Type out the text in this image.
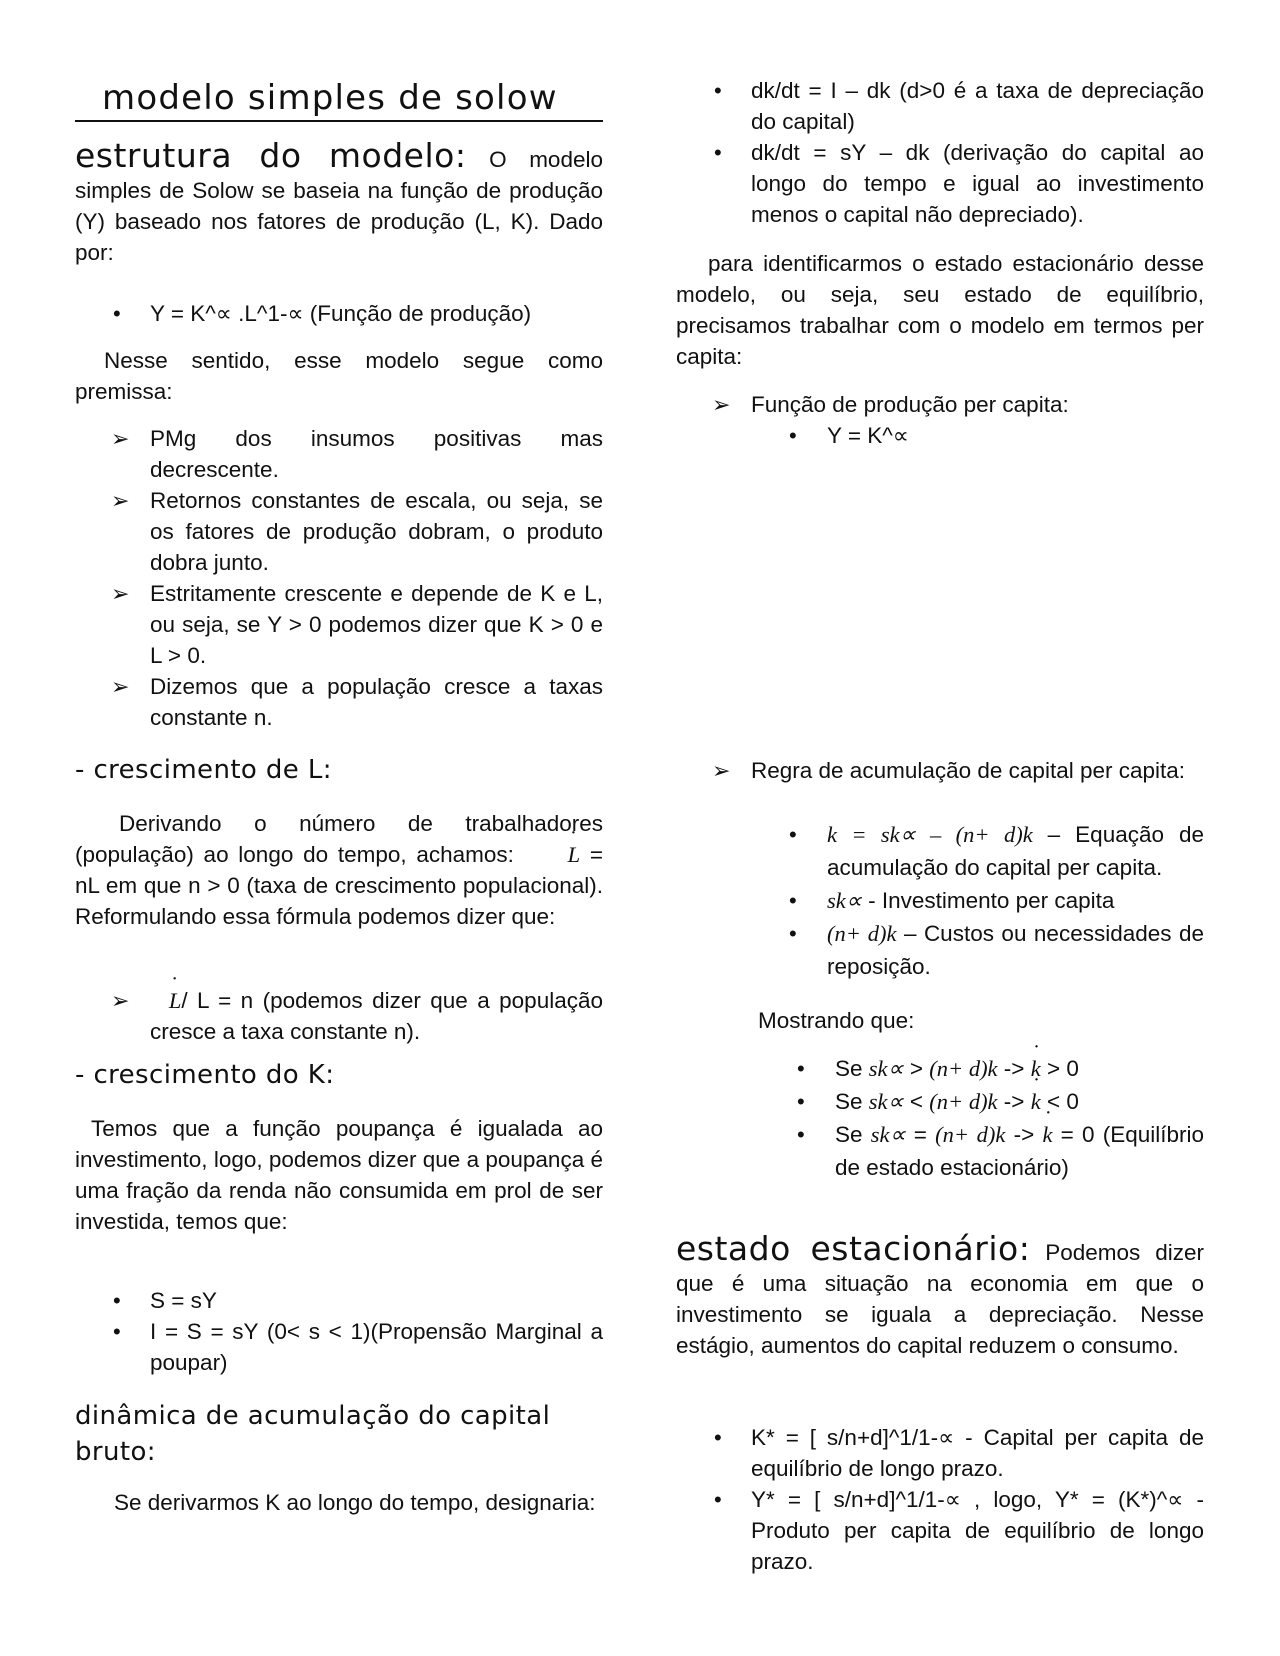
modelo simples de solow

estrutura do modelo: O modelo simples de Solow se baseia na função de produção (Y) baseado nos fatores de produção (L, K). Dado por:

• Y = K^∝ .L^1-∝ (Função de produção)

Nesse sentido, esse modelo segue como premissa:

➢ PMg dos insumos positivas mas decrescente.
➢ Retornos constantes de escala, ou seja, se os fatores de produção dobram, o produto dobra junto.
➢ Estritamente crescente e depende de K e L, ou seja, se Y > 0 podemos dizer que K > 0 e L > 0.
➢ Dizemos que a população cresce a taxas constante n.
- crescimento de L:

Derivando o número de trabalhadores (população) ao longo do tempo, achamos: L ˙ = nL em que n > 0 (taxa de crescimento populacional). Reformulando essa fórmula podemos dizer que:

➢ L ˙/ L = n (podemos dizer que a população cresce a taxa constante n).
- crescimento do K:

Temos que a função poupança é igualada ao investimento, logo, podemos dizer que a poupança é uma fração da renda não consumida em prol de ser investida, temos que:

• S = sY
• I = S = sY (0< s < 1)(Propensão Marginal a poupar)
dinâmica de acumulação do capital bruto:

Se derivarmos K ao longo do tempo, designaria:

• dk/dt = I – dk (d>0 é a taxa de depreciação do capital)
• dk/dt = sY – dk (derivação do capital ao longo do tempo e igual ao investimento menos o capital não depreciado).

para identificarmos o estado estacionário desse modelo, ou seja, seu estado de equilíbrio, precisamos trabalhar com o modelo em termos per capita:

➢ Função de produção per capita:
• Y = K^∝
➢ Regra de acumulação de capital per capita:
• k = sk∝ – (n+ d)k – Equação de acumulação do capital per capita.
• sk∝ - Investimento per capita
• (n+ d)k – Custos ou necessidades de reposição.

Mostrando que:

• Se sk∝ > (n+ d)k -> k ˙ > 0
• Se sk∝ < (n+ d)k -> k ˙ < 0
• Se sk∝ = (n+ d)k -> k ˙ = 0 (Equilíbrio de estado estacionário)

estado estacionário: Podemos dizer que é uma situação na economia em que o investimento se iguala a depreciação. Nesse estágio, aumentos do capital reduzem o consumo.

• K* = [ s/n+d]^1/1-∝ - Capital per capita de equilíbrio de longo prazo.
• Y* = [ s/n+d]^1/1-∝ , logo, Y* = (K*)^∝ - Produto per capita de equilíbrio de longo prazo.
